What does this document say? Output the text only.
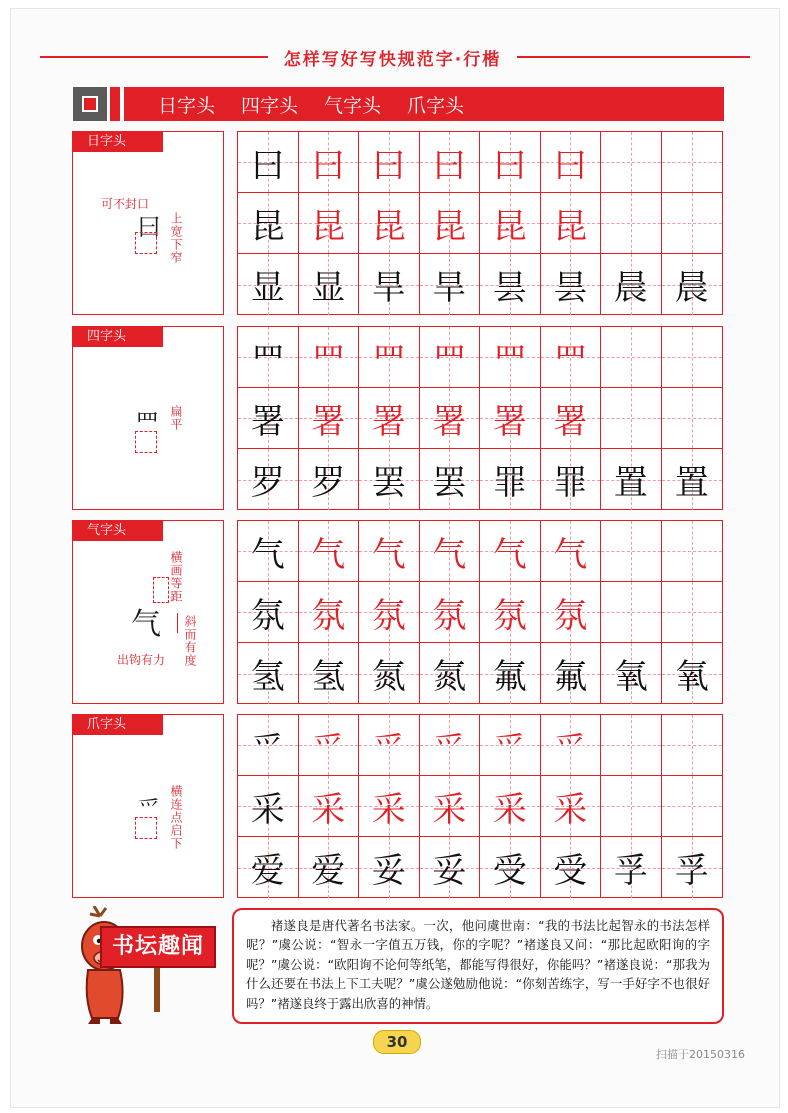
怎样写好写快规范字·行楷
日字头 四字头 气字头 爪字头
日字头
可不封口
曰 上宽下窄
曰 曰 曰 曰 曰 曰
昆 昆 昆 昆 昆 昆
显 显 旱 旱 昙 昙 晨 晨
四字头
罒 扁平
罒 罒 罒 罒 罒 罒
署 署 署 署 署 署
罗 罗 罢 罢 罪 罪 置 置
气字头
横画等距
气 斜而有度
出钩有力
气 气 气 气 气 气
氛 氛 氛 氛 氛 氛
氢 氢 氮 氮 氟 氟 氧 氧
爪字头
爫 横连点启下
爫 爫 爫 爫 爫 爫
采 采 采 采 采 采
爱 爱 妥 妥 受 受 孚 孚
书坛趣闻
褚遂良是唐代著名书法家。一次，他问虞世南：“我的书法比起智永的书法怎样呢？”虞公说：“智永一字值五万钱，你的字呢？”褚遂良又问：“那比起欧阳询的字呢？”虞公说：“欧阳询不论何等纸笔，都能写得很好，你能吗？”褚遂良说：“那我为什么还要在书法上下工夫呢？”虞公遂勉励他说：“你刻苦练字，写一手好字不也很好吗？”褚遂良终于露出欣喜的神情。
30
扫描于20150316
